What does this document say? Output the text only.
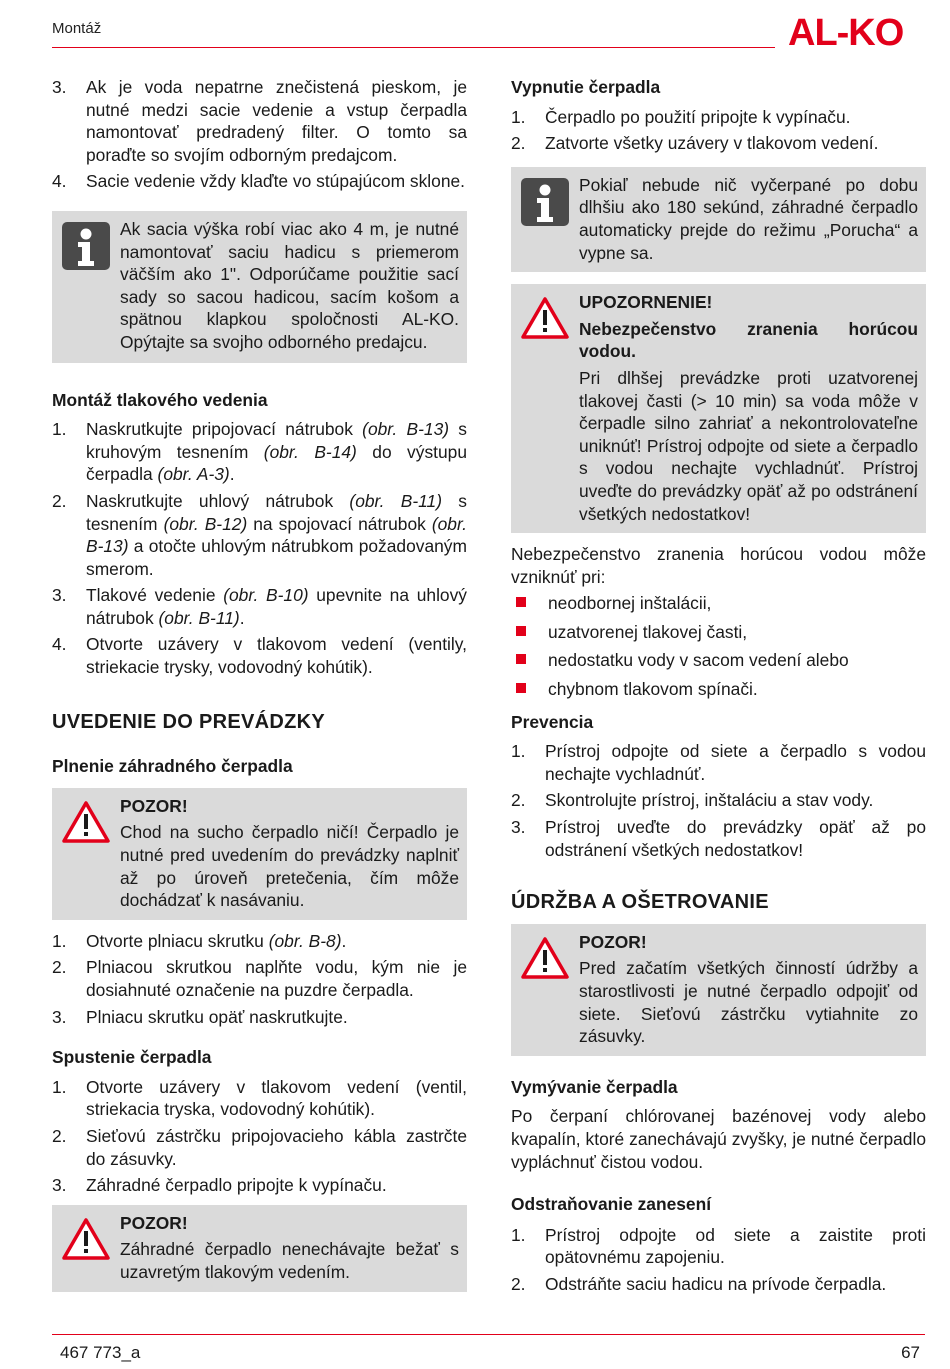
Montáž	AL-KO
3. Ak je voda nepatrne znečistená pieskom, je nutné medzi sacie vedenie a vstup čerpadla namontovať predradený filter. O tomto sa poraďte so svojím odborným predajcom.
4. Sacie vedenie vždy klaďte vo stúpajúcom sklone.
Ak sacia výška robí viac ako 4 m, je nutné namontovať saciu hadicu s priemerom väčším ako 1". Odporúčame použitie sací sady so sacou hadicou, sacím košom a spätnou klapkou spoločnosti AL-KO. Opýtajte sa svojho odborného predajcu.
Montáž tlakového vedenia
1. Naskrutkujte pripojovací nátrubok (obr. B-13) s kruhovým tesnením (obr. B-14) do výstupu čerpadla (obr. A-3).
2. Naskrutkujte uhlový nátrubok (obr. B-11) s tesnením (obr. B-12) na spojovací nátrubok (obr. B-13) a otočte uhlovým nátrubkom požadovaným smerom.
3. Tlakové vedenie (obr. B-10) upevnite na uhlový nátrubok (obr. B-11).
4. Otvorte uzávery v tlakovom vedení (ventily, striekacie trysky, vodovodný kohútik).
UVEDENIE DO PREVÁDZKY
Plnenie záhradného čerpadla
POZOR!
Chod na sucho čerpadlo ničí! Čerpadlo je nutné pred uvedením do prevádzky naplniť až po úroveň pretečenia, čím môže dochádzať k nasávaniu.
1. Otvorte plniacu skrutku (obr. B-8).
2. Plniacou skrutkou naplňte vodu, kým nie je dosiahnuté označenie na puzdre čerpadla.
3. Plniacu skrutku opäť naskrutkujte.
Spustenie čerpadla
1. Otvorte uzávery v tlakovom vedení (ventil, striekacia tryska, vodovodný kohútik).
2. Sieťovú zástrčku pripojovacieho kábla zastrčte do zásuvky.
3. Záhradné čerpadlo pripojte k vypínaču.
POZOR!
Záhradné čerpadlo nenechávajte bežať s uzavretým tlakovým vedením.
Vypnutie čerpadla
1. Čerpadlo po použití pripojte k vypínaču.
2. Zatvorte všetky uzávery v tlakovom vedení.
Pokiaľ nebude nič vyčerpané po dobu dlhšiu ako 180 sekúnd, záhradné čerpadlo automaticky prejde do režimu „Porucha“ a vypne sa.
UPOZORNENIE!
Nebezpečenstvo zranenia horúcou vodou.
Pri dlhšej prevádzke proti uzatvorenej tlakovej časti (> 10 min) sa voda môže v čerpadle silno zahriať a nekontrolovateľne uniknúť! Prístroj odpojte od siete a čerpadlo s vodou nechajte vychladnúť. Prístroj uveďte do prevádzky opäť až po odstránení všetkých nedostatkov!

Nebezpečenstvo zranenia horúcou vodou môže vzniknúť pri:

neodbornej inštalácii,
uzatvorenej tlakovej časti,
nedostatku vody v sacom vedení alebo
chybnom tlakovom spínači.
Prevencia
1. Prístroj odpojte od siete a čerpadlo s vodou nechajte vychladnúť.
2. Skontrolujte prístroj, inštaláciu a stav vody.
3. Prístroj uveďte do prevádzky opäť až po odstránení všetkých nedostatkov!
ÚDRŽBA A OŠETROVANIE
POZOR!
Pred začatím všetkých činností údržby a starostlivosti je nutné čerpadlo odpojiť od siete. Sieťovú zástrčku vytiahnite zo zásuvky.
Vymývanie čerpadla

Po čerpaní chlórovanej bazénovej vody alebo kvapalín, ktoré zanechávajú zvyšky, je nutné čerpadlo vypláchnuť čistou vodou.

Odstraňovanie zanesení
1. Prístroj odpojte od siete a zaistite proti opätovnému zapojeniu.
2. Odstráňte saciu hadicu na prívode čerpadla.
467 773_a	67
